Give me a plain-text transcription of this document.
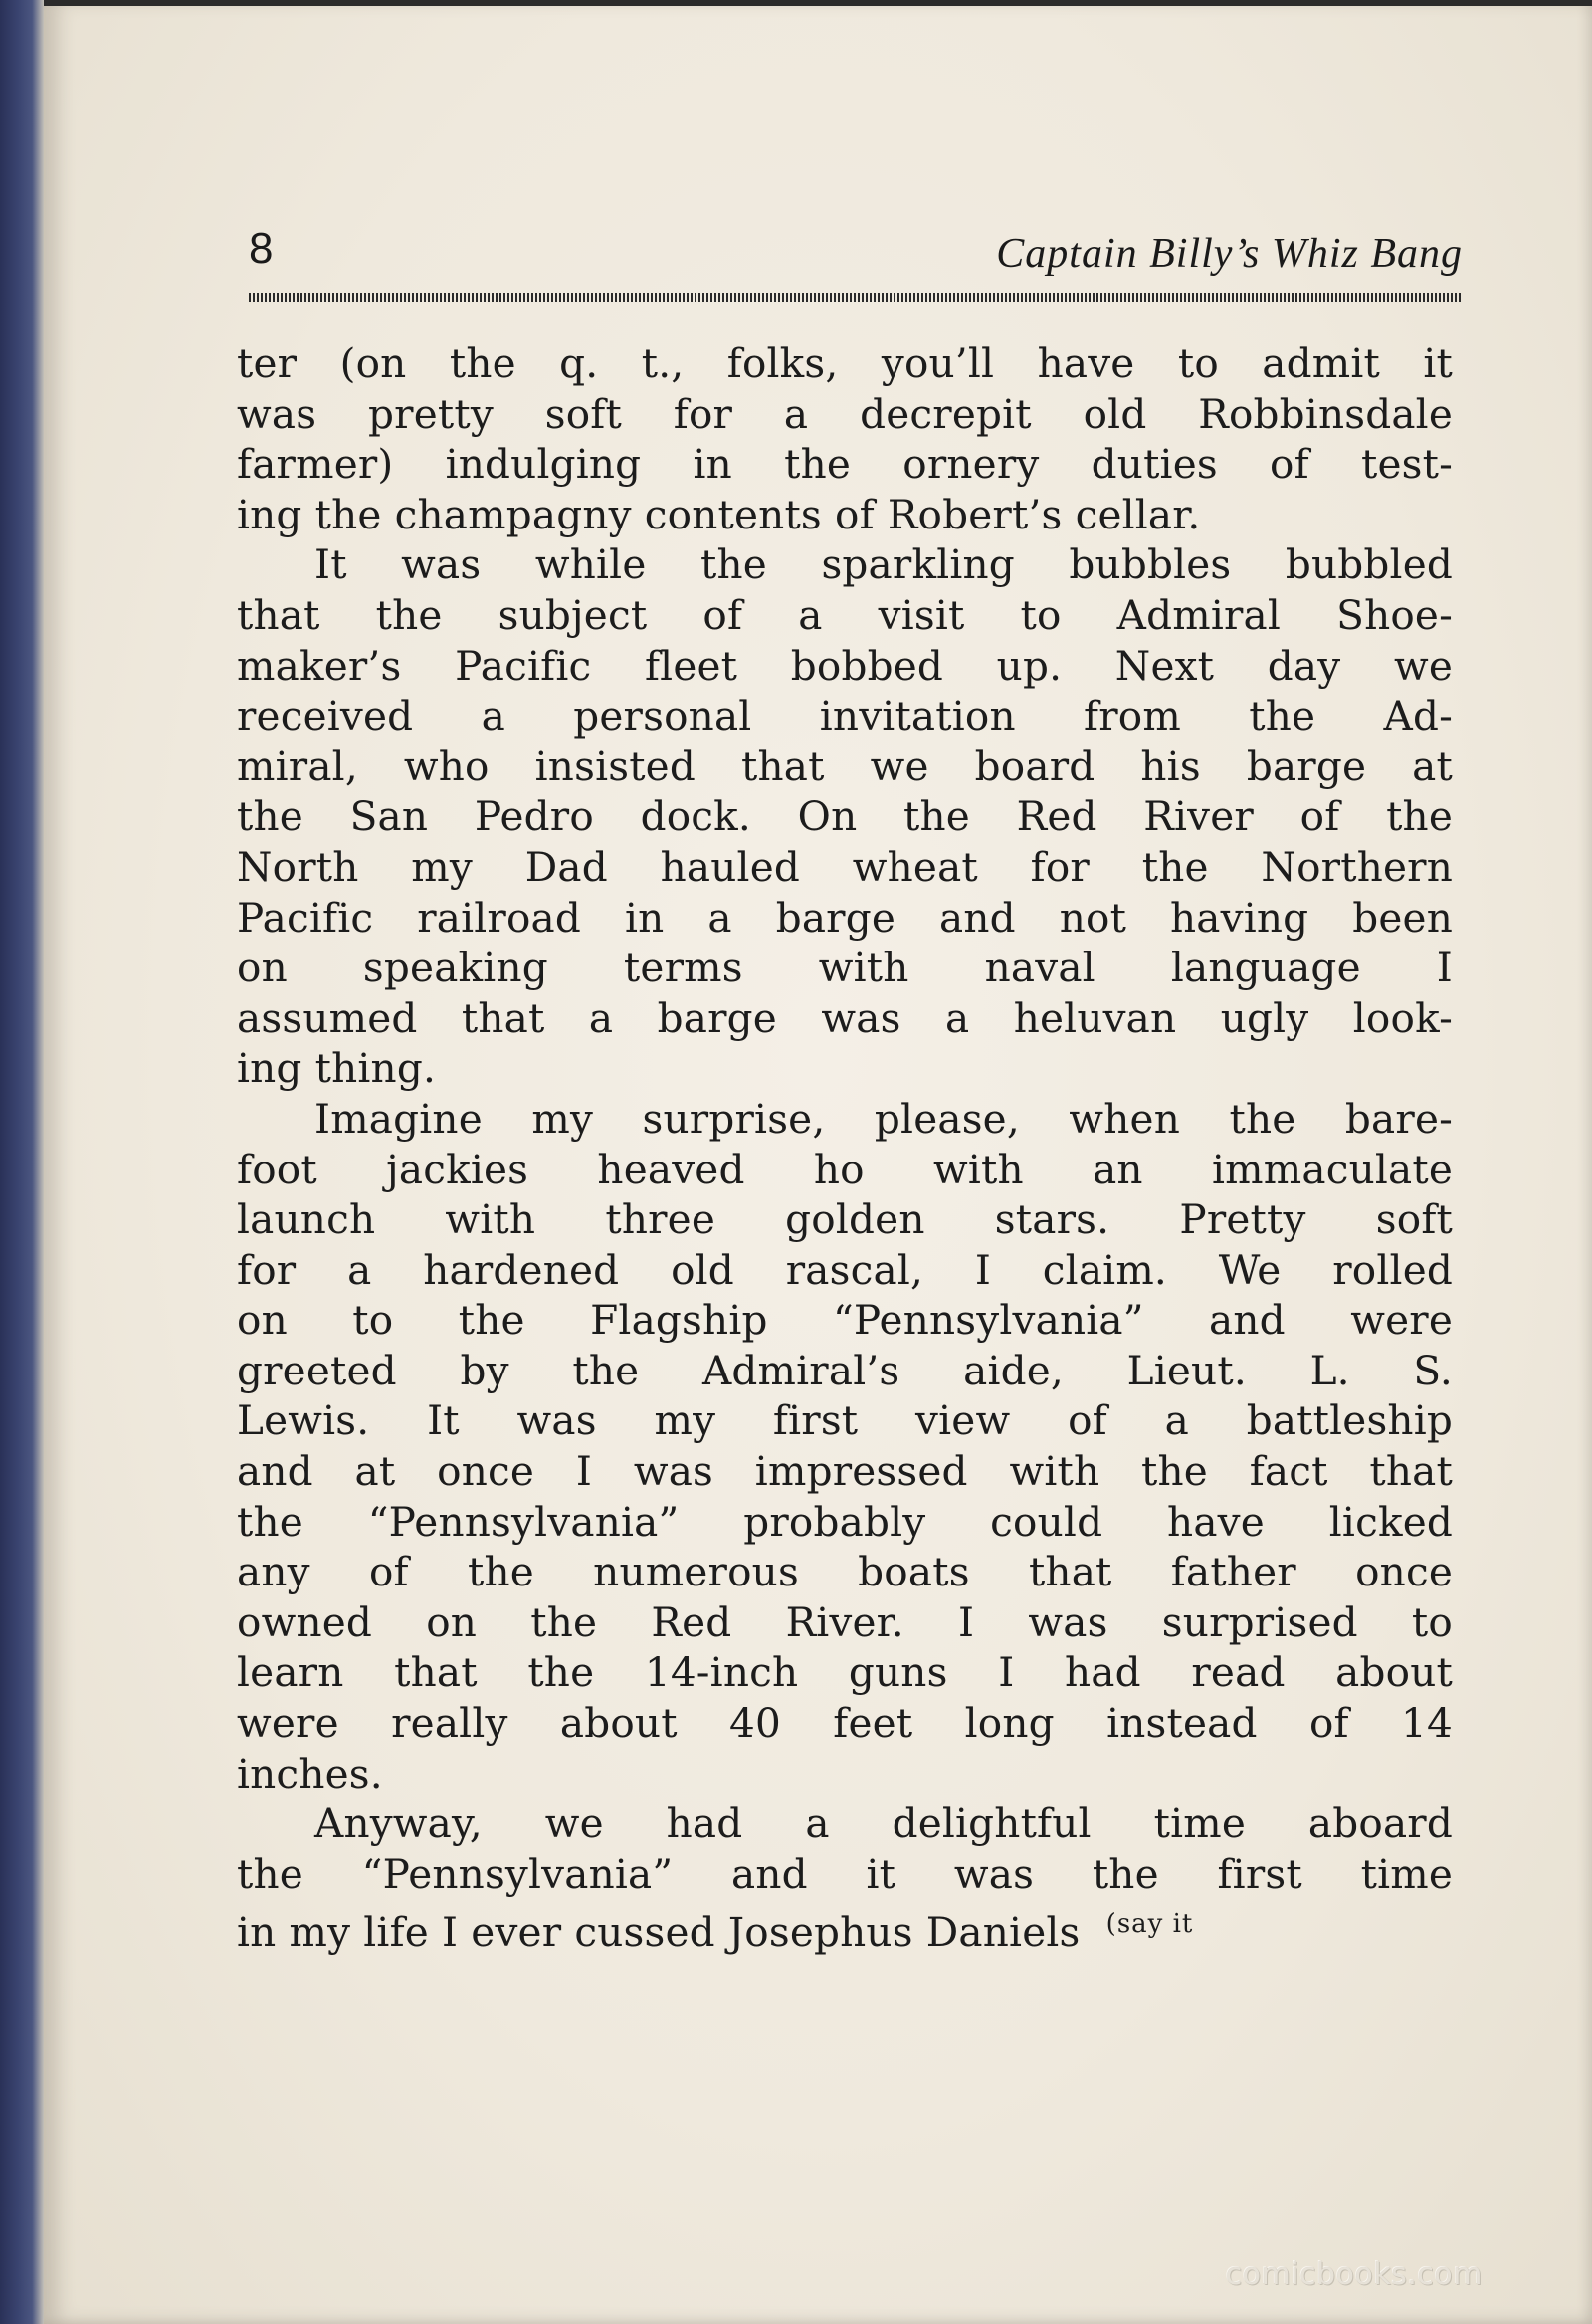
8	Captain Billy’s Whiz Bang
ter (on the q. t., folks, you’ll have to admit it
was pretty soft for a decrepit old Robbinsdale
farmer) indulging in the ornery duties of test-
ing the champagny contents of Robert’s cellar.
It was while the sparkling bubbles bubbled
that the subject of a visit to Admiral Shoe-
maker’s Pacific fleet bobbed up. Next day we
received a personal invitation from the Ad-
miral, who insisted that we board his barge at
the San Pedro dock. On the Red River of the
North my Dad hauled wheat for the Northern
Pacific railroad in a barge and not having been
on speaking terms with naval language I
assumed that a barge was a heluvan ugly look-
ing thing.
Imagine my surprise, please, when the bare-
foot jackies heaved ho with an immaculate
launch with three golden stars. Pretty soft
for a hardened old rascal, I claim. We rolled
on to the Flagship “Pennsylvania” and were
greeted by the Admiral’s aide, Lieut. L. S.
Lewis. It was my first view of a battleship
and at once I was impressed with the fact that
the “Pennsylvania” probably could have licked
any of the numerous boats that father once
owned on the Red River. I was surprised to
learn that the 14-inch guns I had read about
were really about 40 feet long instead of 14
inches.
Anyway, we had a delightful time aboard
the “Pennsylvania” and it was the first time
in my life I ever cussed Josephus Daniels $^{(say it}$
comicbooks.com
